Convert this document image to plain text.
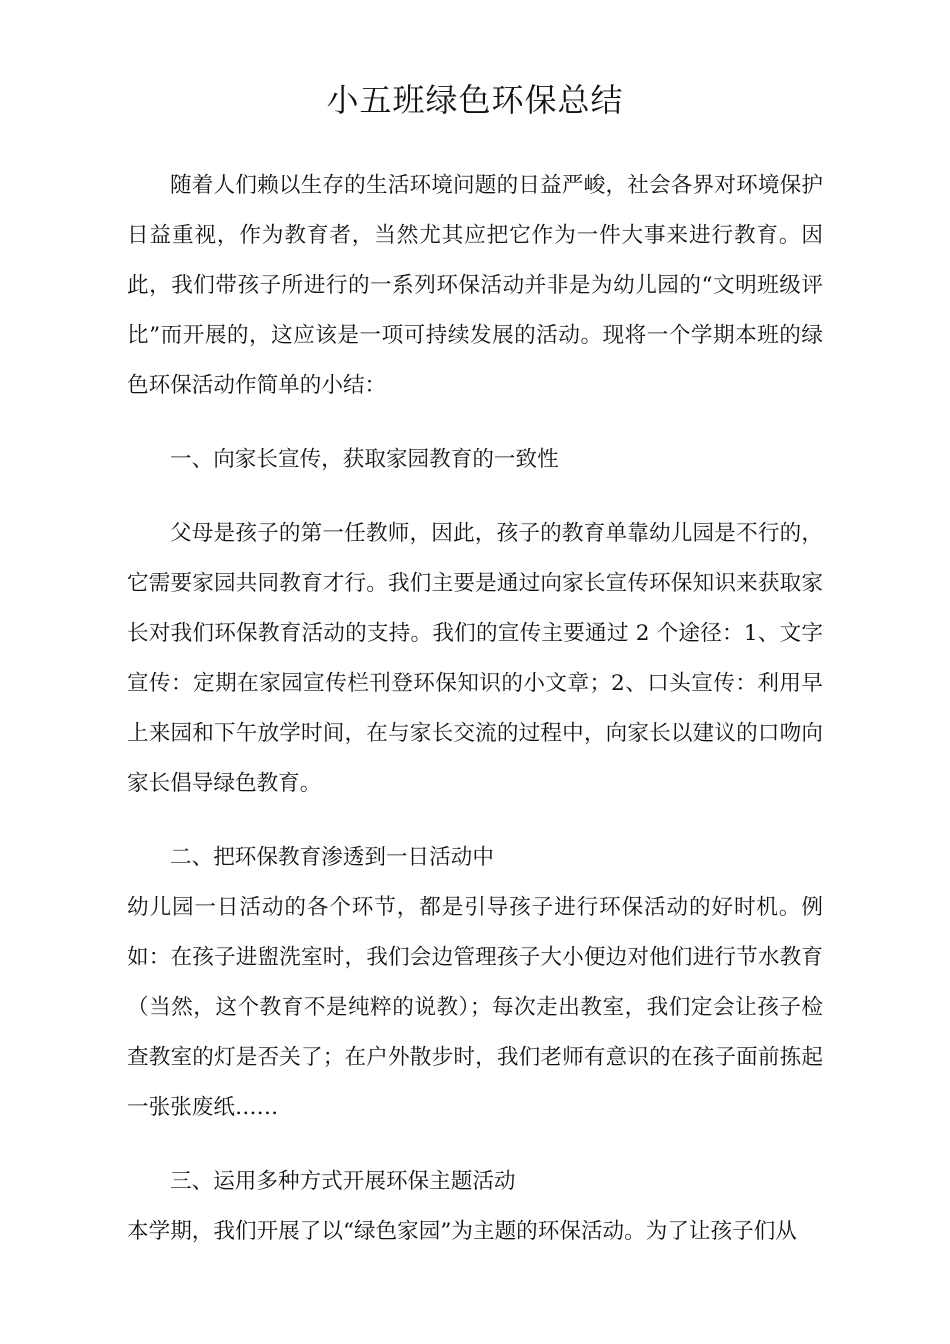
小五班绿色环保总结

随着人们赖以生存的生活环境问题的日益严峻，社会各界对环境保护日益重视，作为教育者，当然尤其应把它作为一件大事来进行教育。因此，我们带孩子所进行的一系列环保活动并非是为幼儿园的“文明班级评比”而开展的，这应该是一项可持续发展的活动。现将一个学期本班的绿色环保活动作简单的小结：

一、向家长宣传，获取家园教育的一致性

父母是孩子的第一任教师，因此，孩子的教育单靠幼儿园是不行的，它需要家园共同教育才行。我们主要是通过向家长宣传环保知识来获取家长对我们环保教育活动的支持。我们的宣传主要通过 2 个途径：1、文字宣传：定期在家园宣传栏刊登环保知识的小文章；2、口头宣传：利用早上来园和下午放学时间，在与家长交流的过程中，向家长以建议的口吻向家长倡导绿色教育。

二、把环保教育渗透到一日活动中

幼儿园一日活动的各个环节，都是引导孩子进行环保活动的好时机。例如：在孩子进盥洗室时，我们会边管理孩子大小便边对他们进行节水教育（当然，这个教育不是纯粹的说教）；每次走出教室，我们定会让孩子检查教室的灯是否关了；在户外散步时，我们老师有意识的在孩子面前拣起一张张废纸……

三、运用多种方式开展环保主题活动

本学期，我们开展了以“绿色家园”为主题的环保活动。为了让孩子们从
